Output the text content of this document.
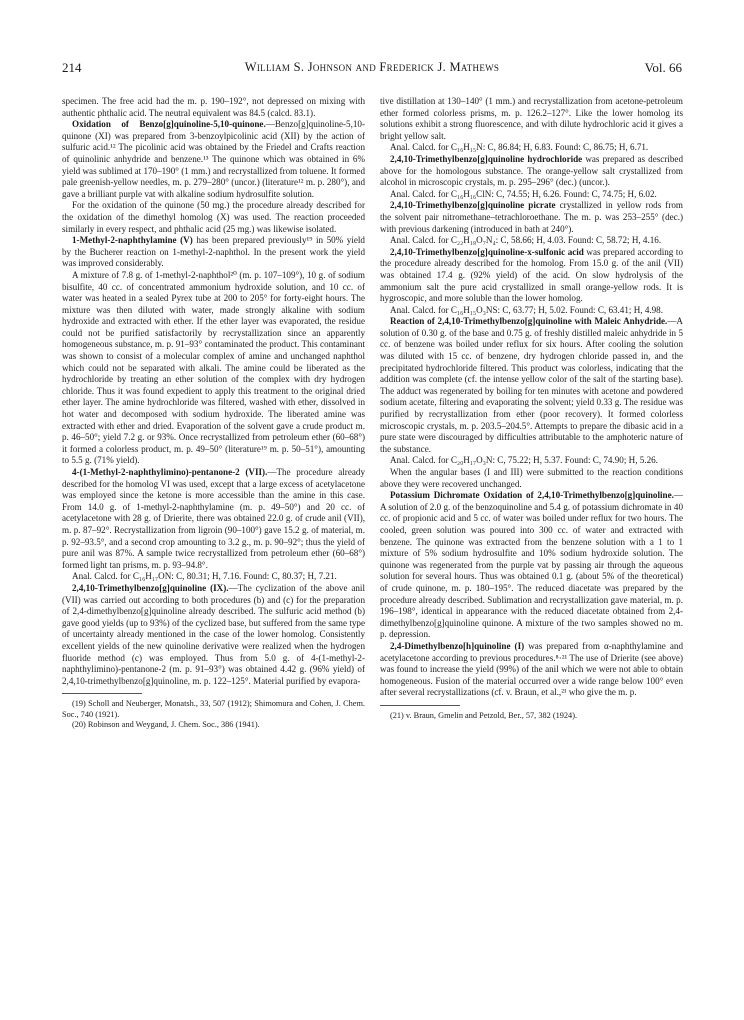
214	William S. Johnson and Frederick J. Mathews	Vol. 66

specimen. The free acid had the m. p. 190–192°, not depressed on mixing with authentic phthalic acid. The neutral equivalent was 84.5 (calcd. 83.1).

Oxidation of Benzo[g]quinoline-5,10-quinone.—Benzo[g]quinoline-5,10-quinone (XI) was prepared from 3-benzoylpicolinic acid (XII) by the action of sulfuric acid.¹² The picolinic acid was obtained by the Friedel and Crafts reaction of quinolinic anhydride and benzene.¹³ The quinone which was obtained in 6% yield was sublimed at 170–190° (1 mm.) and recrystallized from toluene. It formed pale greenish-yellow needles, m. p. 279–280° (uncor.) (literature¹² m. p. 280°), and gave a brilliant purple vat with alkaline sodium hydrosulfite solution.

For the oxidation of the quinone (50 mg.) the procedure already described for the oxidation of the dimethyl homolog (X) was used. The reaction proceeded similarly in every respect, and phthalic acid (25 mg.) was likewise isolated.

1-Methyl-2-naphthylamine (V) has been prepared previously¹⁹ in 50% yield by the Bucherer reaction on 1-methyl-2-naphthol. In the present work the yield was improved considerably.

A mixture of 7.8 g. of 1-methyl-2-naphthol²⁰ (m. p. 107–109°), 10 g. of sodium bisulfite, 40 cc. of concentrated ammonium hydroxide solution, and 10 cc. of water was heated in a sealed Pyrex tube at 200 to 205° for forty-eight hours. The mixture was then diluted with water, made strongly alkaline with sodium hydroxide and extracted with ether. If the ether layer was evaporated, the residue could not be purified satisfactorily by recrystallization since an apparently homogeneous substance, m. p. 91–93° contaminated the product. This contaminant was shown to consist of a molecular complex of amine and unchanged naphthol which could not be separated with alkali. The amine could be liberated as the hydrochloride by treating an ether solution of the complex with dry hydrogen chloride. Thus it was found expedient to apply this treatment to the original dried ether layer. The amine hydrochloride was filtered, washed with ether, dissolved in hot water and decomposed with sodium hydroxide. The liberated amine was extracted with ether and dried. Evaporation of the solvent gave a crude product m. p. 46–50°; yield 7.2 g. or 93%. Once recrystallized from petroleum ether (60–68°) it formed a colorless product, m. p. 49–50° (literature¹⁹ m. p. 50–51°), amounting to 5.5 g. (71% yield).

4-(1-Methyl-2-naphthylimino)-pentanone-2 (VII).—The procedure already described for the homolog VI was used, except that a large excess of acetylacetone was employed since the ketone is more accessible than the amine in this case. From 14.0 g. of 1-methyl-2-naphthylamine (m. p. 49–50°) and 20 cc. of acetylacetone with 28 g. of Drierite, there was obtained 22.0 g. of crude anil (VII), m. p. 87–92°. Recrystallization from ligroin (90–100°) gave 15.2 g. of material, m. p. 92–93.5°, and a second crop amounting to 3.2 g., m. p. 90–92°; thus the yield of pure anil was 87%. A sample twice recrystallized from petroleum ether (60–68°) formed light tan prisms, m. p. 93–94.8°.

Anal. Calcd. for C₁₆H₁₇ON: C, 80.31; H, 7.16. Found: C, 80.37; H, 7.21.

2,4,10-Trimethylbenzo[g]quinoline (IX).—The cyclization of the above anil (VII) was carried out according to both procedures (b) and (c) for the preparation of 2,4-dimethylbenzo[g]quinoline already described. The sulfuric acid method (b) gave good yields (up to 93%) of the cyclized base, but suffered from the same type of uncertainty already mentioned in the case of the lower homolog. Consistently excellent yields of the new quinoline derivative were realized when the hydrogen fluoride method (c) was employed. Thus from 5.0 g. of 4-(1-methyl-2-naphthylimino)-pentanone-2 (m. p. 91–93°) was obtained 4.42 g. (96% yield) of 2,4,10-trimethylbenzo[g]quinoline, m. p. 122–125°. Material purified by evapora-

(19) Scholl and Neuberger, Monatsh., 33, 507 (1912); Shimomura and Cohen, J. Chem. Soc., 740 (1921).

(20) Robinson and Weygand, J. Chem. Soc., 386 (1941).

tive distillation at 130–140° (1 mm.) and recrystallization from acetone-petroleum ether formed colorless prisms, m. p. 126.2–127°. Like the lower homolog its solutions exhibit a strong fluorescence, and with dilute hydrochloric acid it gives a bright yellow salt.

Anal. Calcd. for C₁₆H₁₅N: C, 86.84; H, 6.83. Found: C, 86.75; H, 6.71.

2,4,10-Trimethylbenzo[g]quinoline hydrochloride was prepared as described above for the homologous substance. The orange-yellow salt crystallized from alcohol in microscopic crystals, m. p. 295–296° (dec.) (uncor.).

Anal. Calcd. for C₁₆H₁₆ClN: C, 74.55; H, 6.26. Found: C, 74.75; H, 6.02.

2,4,10-Trimethylbenzo[g]quinoline picrate crystallized in yellow rods from the solvent pair nitromethane–tetrachloroethane. The m. p. was 253–255° (dec.) with previous darkening (introduced in bath at 240°).

Anal. Calcd. for C₂₂H₁₈O₇N₄: C, 58.66; H, 4.03. Found: C, 58.72; H, 4.16.

2,4,10-Trimethylbenzo[g]quinoline-x-sulfonic acid was prepared according to the procedure already described for the homolog. From 15.0 g. of the anil (VII) was obtained 17.4 g. (92% yield) of the acid. On slow hydrolysis of the ammonium salt the pure acid crystallized in small orange-yellow rods. It is hygroscopic, and more soluble than the lower homolog.

Anal. Calcd. for C₁₆H₁₅O₃NS: C, 63.77; H, 5.02. Found: C, 63.41; H, 4.98.

Reaction of 2,4,10-Trimethylbenzo[g]quinoline with Maleic Anhydride.—A solution of 0.30 g. of the base and 0.75 g. of freshly distilled maleic anhydride in 5 cc. of benzene was boiled under reflux for six hours. After cooling the solution was diluted with 15 cc. of benzene, dry hydrogen chloride passed in, and the precipitated hydrochloride filtered. This product was colorless, indicating that the addition was complete (cf. the intense yellow color of the salt of the starting base). The adduct was regenerated by boiling for ten minutes with acetone and powdered sodium acetate, filtering and evaporating the solvent; yield 0.33 g. The residue was purified by recrystallization from ether (poor recovery). It formed colorless microscopic crystals, m. p. 203.5–204.5°. Attempts to prepare the dibasic acid in a pure state were discouraged by difficulties attributable to the amphoteric nature of the substance.

Anal. Calcd. for C₂₀H₁₇O₃N: C, 75.22; H, 5.37. Found: C, 74.90; H, 5.26.

When the angular bases (I and III) were submitted to the reaction conditions above they were recovered unchanged.

Potassium Dichromate Oxidation of 2,4,10-Trimethylbenzo[g]quinoline.—A solution of 2.0 g. of the benzoquinoline and 5.4 g. of potassium dichromate in 40 cc. of propionic acid and 5 cc. of water was boiled under reflux for two hours. The cooled, green solution was poured into 300 cc. of water and extracted with benzene. The quinone was extracted from the benzene solution with a 1 to 1 mixture of 5% sodium hydrosulfite and 10% sodium hydroxide solution. The quinone was regenerated from the purple vat by passing air through the aqueous solution for several hours. Thus was obtained 0.1 g. (about 5% of the theoretical) of crude quinone, m. p. 180–195°. The reduced diacetate was prepared by the procedure already described. Sublimation and recrystallization gave material, m. p. 196–198°, identical in appearance with the reduced diacetate obtained from 2,4-dimethylbenzo[g]quinoline quinone. A mixture of the two samples showed no m. p. depression.

2,4-Dimethylbenzo[h]quinoline (I) was prepared from α-naphthylamine and acetylacetone according to previous procedures.⁸·²¹ The use of Drierite (see above) was found to increase the yield (99%) of the anil which we were not able to obtain homogeneous. Fusion of the material occurred over a wide range below 100° even after several recrystallizations (cf. v. Braun, et al.,²¹ who give the m. p.

(21) v. Braun, Gmelin and Petzold, Ber., 57, 382 (1924).
